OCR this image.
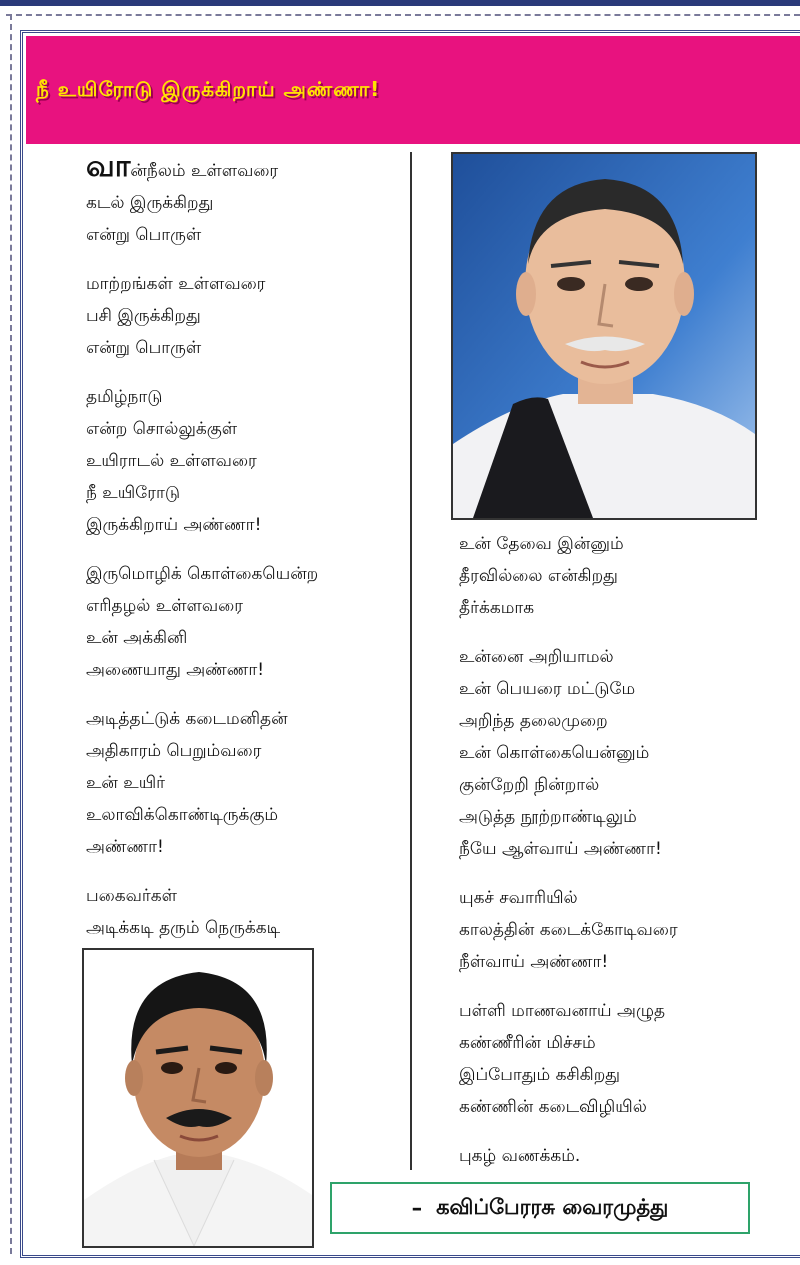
நீ உயிரோடு இருக்கிறாய் அண்ணா!
வான்நீலம் உள்ளவரை
கடல் இருக்கிறது
என்று பொருள்
மாற்றங்கள் உள்ளவரை
பசி இருக்கிறது
என்று பொருள்
தமிழ்நாடு
என்ற சொல்லுக்குள்
உயிராடல் உள்ளவரை
நீ உயிரோடு
இருக்கிறாய் அண்ணா!
இருமொழிக் கொள்கையென்ற
எரிதழல் உள்ளவரை
உன் அக்கினி
அணையாது அண்ணா!
அடித்தட்டுக் கடைமனிதன்
அதிகாரம் பெறும்வரை
உன் உயிர்
உலாவிக்கொண்டிருக்கும்
அண்ணா!
பகைவர்கள்
அடிக்கடி தரும் நெருக்கடி
உன் தேவை இன்னும்
தீரவில்லை என்கிறது
தீர்க்கமாக
உன்னை அறியாமல்
உன் பெயரை மட்டுமே
அறிந்த தலைமுறை
உன் கொள்கையென்னும்
குன்றேறி நின்றால்
அடுத்த நூற்றாண்டிலும்
நீயே ஆள்வாய் அண்ணா!
யுகச் சவாரியில்
காலத்தின் கடைக்கோடிவரை
நீள்வாய் அண்ணா!
பள்ளி மாணவனாய் அழுத
கண்ணீரின் மிச்சம்
இப்போதும் கசிகிறது
கண்ணின் கடைவிழியில்
புகழ் வணக்கம்.
– கவிப்பேரரசு வைரமுத்து
